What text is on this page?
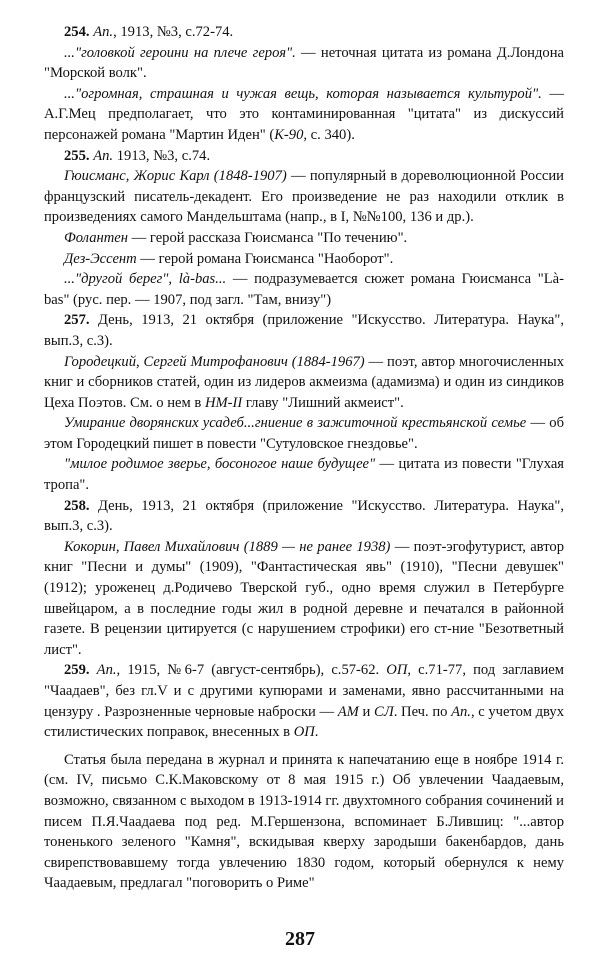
254. Ап., 1913, №3, с.72-74.

..."головкой героини на плече героя". — неточная цитата из романа Д.Лондона "Морской волк".

..."огромная, страшная и чужая вещь, которая называется культурой". — А.Г.Мец предполагает, что это контаминированная "цитата" из дискуссий персонажей романа "Мартин Иден" (К-90, с. 340).

255. Ап. 1913, №3, с.74.

Гюисманс, Жорис Карл (1848-1907) — популярный в дореволюционной России французский писатель-декадент. Его произведение не раз находили отклик в произведениях самого Мандельштама (напр., в I, №№100, 136 и др.).

Фолантен — герой рассказа Гюисманса "По течению".

Дез-Эссент — герой романа Гюисманса "Наоборот".

..."другой берег", là-bas... — подразумевается сюжет романа Гюисманса "Là-bas" (рус. пер. — 1907, под загл. "Там, внизу")

257. День, 1913, 21 октября (приложение "Искусство. Литература. Наука", вып.3, с.3).

Городецкий, Сергей Митрофанович (1884-1967) — поэт, автор многочисленных книг и сборников статей, один из лидеров акмеизма (адамизма) и один из синдиков Цеха Поэтов. См. о нем в НМ-II главу "Лишний акмеист".

Умирание дворянских усадеб...гниение в зажиточной крестьянской семье — об этом Городецкий пишет в повести "Сутуловское гнездовье".

"милое родимое зверье, босоногое наше будущее" — цитата из повести "Глухая тропа".

258. День, 1913, 21 октября (приложение "Искусство. Литература. Наука", вып.3, с.3).

Кокорин, Павел Михайлович (1889 — не ранее 1938) — поэт-эгофутурист, автор книг "Песни и думы" (1909), "Фантастическая явь" (1910), "Песни девушек" (1912); уроженец д.Родичево Тверской губ., одно время служил в Петербурге швейцаром, а в последние годы жил в родной деревне и печатался в районной газете. В рецензии цитируется (с нарушением строфики) его ст-ние "Безответный лист".

259. Ап., 1915, №6-7 (август-сентябрь), с.57-62. ОП, с.71-77, под заглавием "Чаадаев", без гл.V и с другими купюрами и заменами, явно рассчитанными на цензуру . Разрозненные черновые наброски — АМ и СЛ. Печ. по Ап., с учетом двух стилистических поправок, внесенных в ОП.

Статья была передана в журнал и принята к напечатанию еще в ноябре 1914 г. (см. IV, письмо С.К.Маковскому от 8 мая 1915 г.) Об увлечении Чаадаевым, возможно, связанном с выходом в 1913-1914 гг. двухтомного собрания сочинений и писем П.Я.Чаадаева под ред. М.Гершензона, вспоминает Б.Лившиц: "...автор тоненького зеленого "Камня", вскидывая кверху зародыши бакенбардов, дань свирепствовавшему тогда увлечению 1830 годом, который обернулся к нему Чаадаевым, предлагал "поговорить о Риме"

287
